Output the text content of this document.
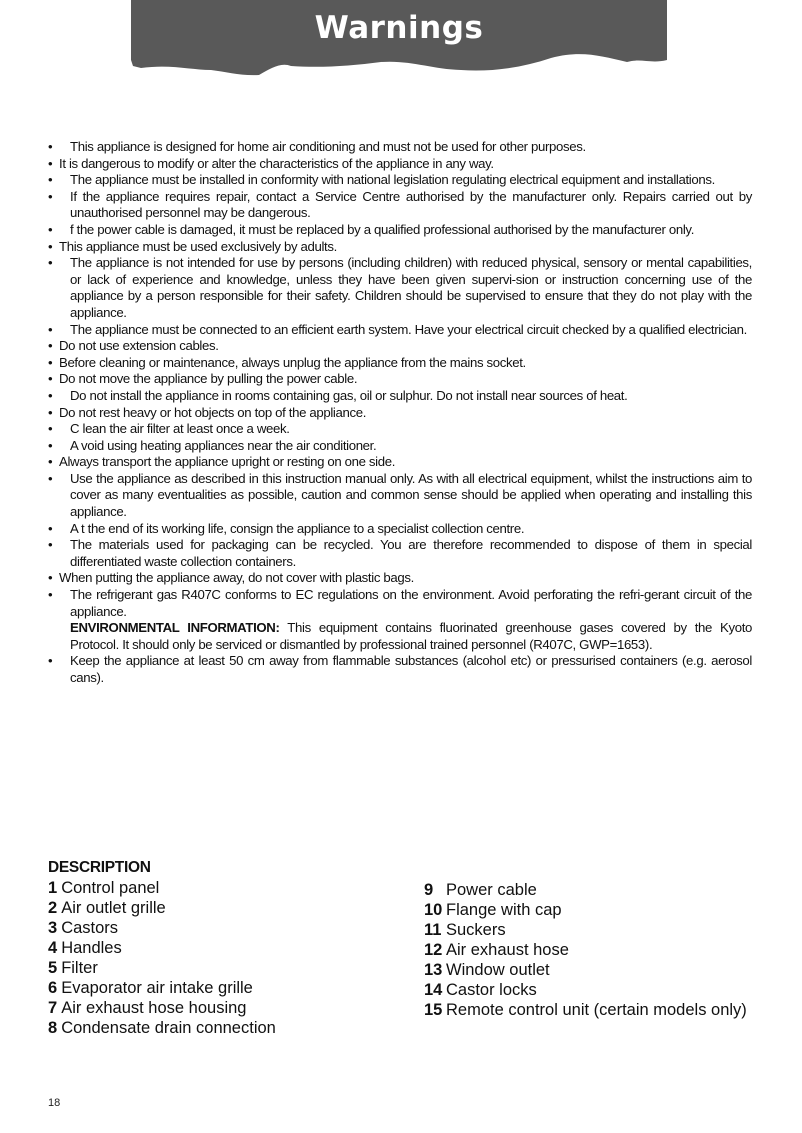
Warnings
• This appliance is designed for home air conditioning and must not be used for other purposes.
• It is dangerous to modify or alter the characteristics of the appliance in any way.
• The appliance must be installed in conformity with national legislation regulating electrical equipment and installations.
• If the appliance requires repair, contact a Service Centre authorised by the manufacturer only. Repairs carried out by unauthorised personnel may be dangerous.
• f the power cable is damaged, it must be replaced by a qualified professional authorised by the manufacturer only.
• This appliance must be used exclusively by adults.
• The appliance is not intended for use by persons (including children) with reduced physical, sensory or mental capabilities, or lack of experience and knowledge, unless they have been given supervi-sion or instruction concerning use of the appliance by a person responsible for their safety. Children should be supervised to ensure that they do not play with the appliance.
• The appliance must be connected to an efficient earth system. Have your electrical circuit checked by a qualified electrician.
• Do not use extension cables.
• Before cleaning or maintenance, always unplug the appliance from the mains socket.
• Do not move the appliance by pulling the power cable.
• Do not install the appliance in rooms containing gas, oil or sulphur. Do not install near sources of heat.
• Do not rest heavy or hot objects on top of the appliance.
• C lean the air filter at least once a week.
• A void using heating appliances near the air conditioner.
• Always transport the appliance upright or resting on one side.
• Use the appliance as described in this instruction manual only. As with all electrical equipment, whilst the instructions aim to cover as many eventualities as possible, caution and common sense should be applied when operating and installing this appliance.
• A t the end of its working life, consign the appliance to a specialist collection centre.
• The materials used for packaging can be recycled. You are therefore recommended to dispose of them in special differentiated waste collection containers.
• When putting the appliance away, do not cover with plastic bags.
• The refrigerant gas R407C conforms to EC regulations on the environment. Avoid perforating the refri-gerant circuit of the appliance.
ENVIRONMENTAL INFORMATION: This equipment contains fluorinated greenhouse gases covered by the Kyoto Protocol. It should only be serviced or dismantled by professional trained personnel (R407C, GWP=1653).
• Keep the appliance at least 50 cm away from flammable substances (alcohol etc) or pressurised containers (e.g. aerosol cans).
DESCRIPTION
1 Control panel
2 Air outlet grille
3 Castors
4 Handles
5 Filter
6 Evaporator air intake grille
7 Air exhaust hose housing
8 Condensate drain connection
9 Power cable
10 Flange with cap
11 Suckers
12 Air exhaust hose
13 Window outlet
14 Castor locks
15 Remote control unit (certain models only)
18
